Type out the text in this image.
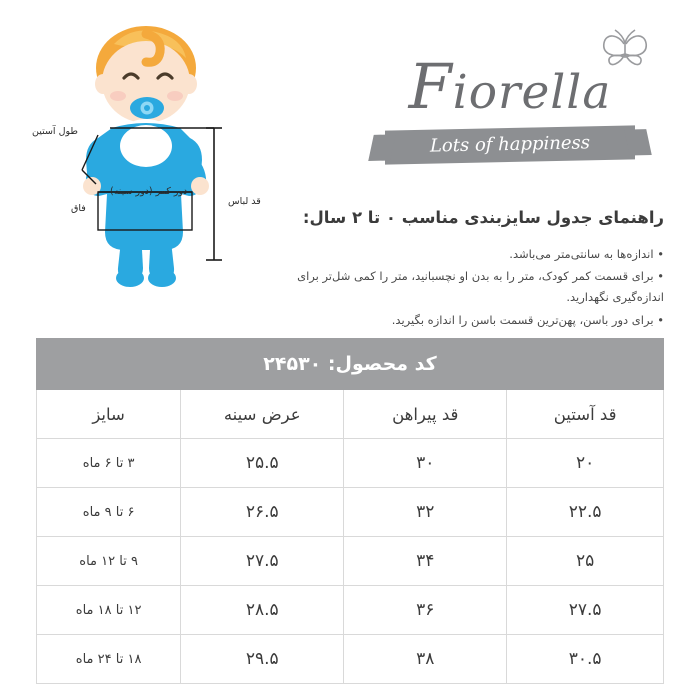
طول آستین
قد لباس
دور کمر (دور سینه)
فاق
Fiorella
Lots of happiness
راهنمای جدول سایزبندی مناسب ۰ تا ۲ سال:
• اندازه‌ها به سانتی‌متر می‌باشد.
• برای قسمت کمر کودک، متر را به بدن او نچسبانید، متر را کمی شل‌تر برای اندازه‌گیری نگهدارید.
• برای دور باسن، پهن‌ترین قسمت باسن را اندازه بگیرید.
کد محصول: ۲۴۵۳۰			
قد آستین	قد پیراهن	عرض سینه	سایز
۲۰	۳۰	۲۵.۵	۳ تا ۶ ماه
۲۲.۵	۳۲	۲۶.۵	۶ تا ۹ ماه
۲۵	۳۴	۲۷.۵	۹ تا ۱۲ ماه
۲۷.۵	۳۶	۲۸.۵	۱۲ تا ۱۸ ماه
۳۰.۵	۳۸	۲۹.۵	۱۸ تا ۲۴ ماه
